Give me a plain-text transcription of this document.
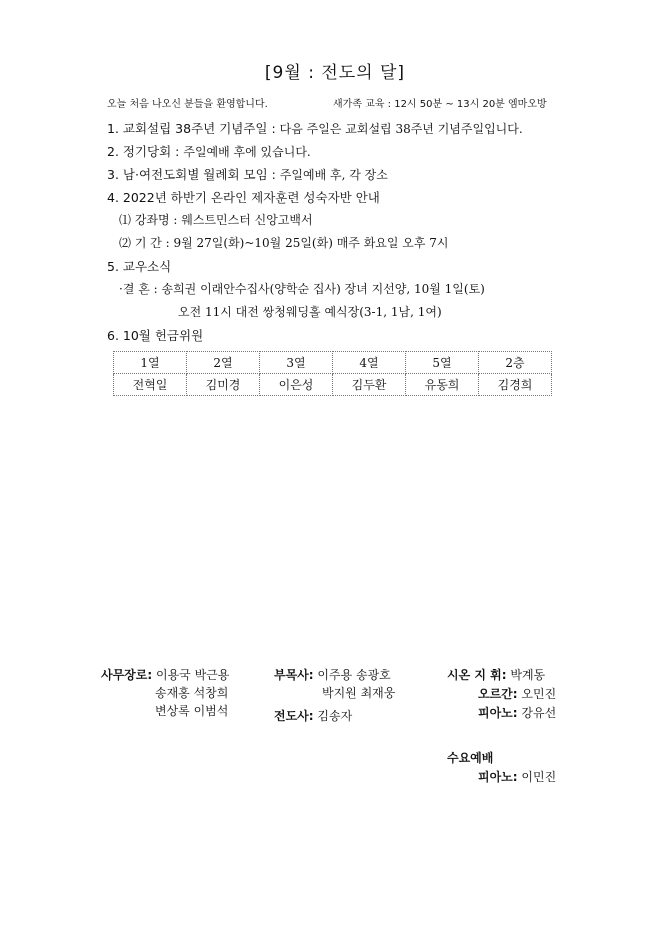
[9월 : 전도의 달]
오늘 처음 나오신 분들을 환영합니다.	새가족 교육 : 12시 50분 ~ 13시 20분 엠마오방
1. 교회설립 38주년 기념주일 : 다음 주일은 교회설립 38주년 기념주일입니다.
2. 정기당회 : 주일예배 후에 있습니다.
3. 남·여전도회별 월례회 모임 : 주일예배 후, 각 장소
4. 2022년 하반기 온라인 제자훈련 성숙자반 안내
⑴ 강좌명 : 웨스트민스터 신앙고백서
⑵ 기 간 : 9월 27일(화)~10월 25일(화) 매주 화요일 오후 7시
5. 교우소식
·결 혼 : 송희권 이래안수집사(양학순 집사) 장녀 지선양, 10월 1일(토)
오전 11시 대전 쌍청웨딩홀 예식장(3-1, 1남, 1여)
6. 10월 헌금위원
1열	2열	3열	4열	5열	2층
전혁일	김미경	이은성	김두환	유동희	김경희
사무장로: 이용국 박근용
송재홍 석창희
변상록 이범석
부목사: 이주용 송광호
박지원 최재웅
전도사: 김송자
시온 지 휘: 박계동
오르간: 오민진
피아노: 강유선
수요예배
피아노: 이민진
